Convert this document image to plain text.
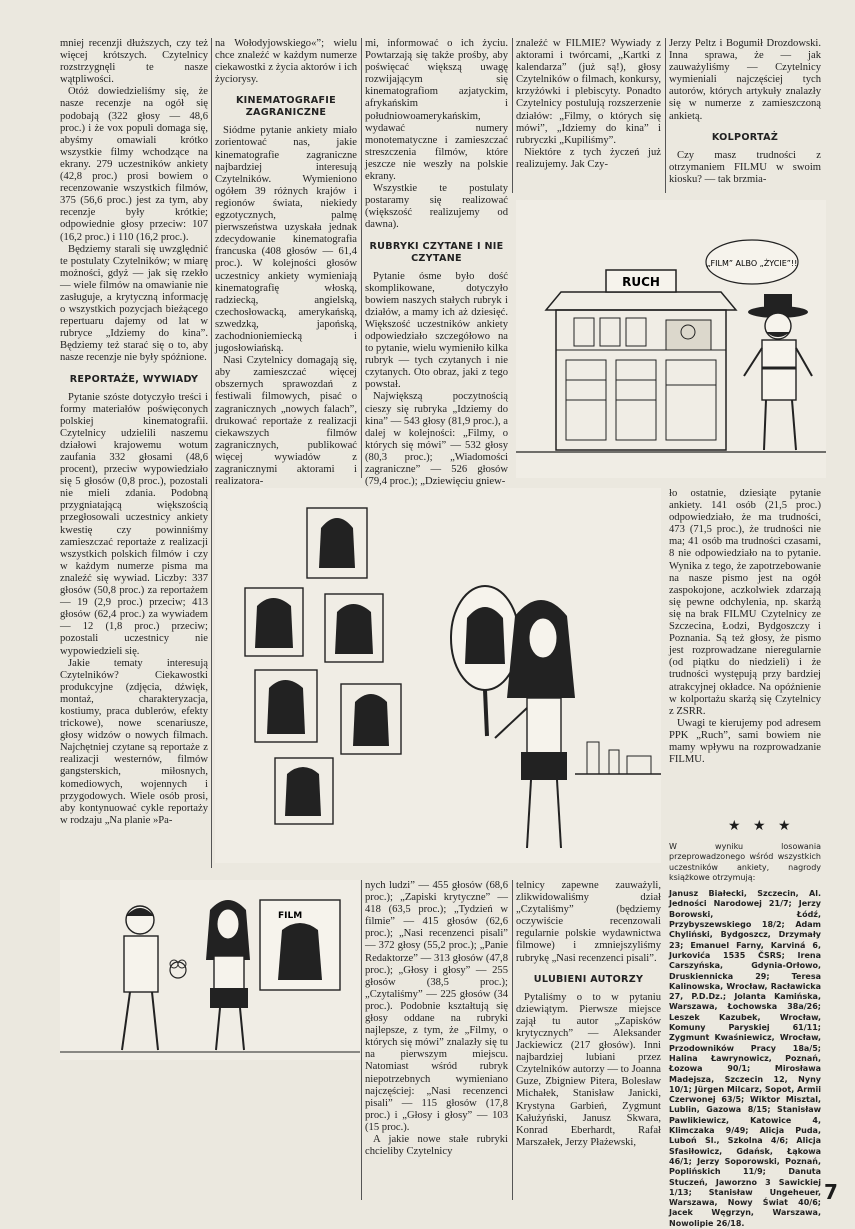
mniej recenzji dłuższych, czy też więcej krótszych. Czytelnicy rozstrzygnęli te nasze wątpliwości.

Otóż dowiedzieliśmy się, że nasze recenzje na ogół się podobają (322 głosy — 48,6 proc.) i że vox populi domaga się, abyśmy omawiali krótko wszystkie filmy wchodzące na ekrany. 279 uczestników ankiety (42,8 proc.) prosi bowiem o recenzowanie wszystkich filmów, 375 (56,6 proc.) jest za tym, aby recenzje były krótkie; odpowiednie głosy przeciw: 107 (16,2 proc.) i 110 (16,2 proc.).

Będziemy starali się uwzględnić te postulaty Czytelników; w miarę możności, gdyż — jak się rzekło — wiele filmów na omawianie nie zasługuje, a krytyczną informację o wszystkich pozycjach bieżącego repertuaru dajemy od lat w rubryce „Idziemy do kina”. Będziemy też starać się o to, aby nasze recenzje nie były spóźnione.

REPORTAŻE, WYWIADY

Pytanie szóste dotyczyło treści i formy materiałów poświęconych polskiej kinematografii. Czytelnicy udzielili naszemu działowi krajowemu wotum zaufania 332 głosami (48,6 procent), przeciw wypowiedziało się 5 głosów (0,8 proc.), pozostali nie mieli zdania. Podobną przygniatającą większością przegłosowali uczestnicy ankiety kwestię czy powinniśmy zamieszczać reportaże z realizacji wszystkich polskich filmów i czy w każdym numerze pisma ma znaleźć się wywiad. Liczby: 337 głosów (50,8 proc.) za reportażem — 19 (2,9 proc.) przeciw; 413 głosów (62,4 proc.) za wywiadem — 12 (1,8 proc.) przeciw; pozostali uczestnicy nie wypowiedzieli się.

Jakie tematy interesują Czytelników? Ciekawostki produkcyjne (zdjęcia, dźwięk, montaż, charakteryzacja, kostiumy, praca dublerów, efekty trickowe), nowe scenariusze, głosy widzów o nowych filmach. Najchętniej czytane są reportaże z realizacji westernów, filmów gangsterskich, miłosnych, komediowych, wojennych i przygodowych. Wiele osób prosi, aby kontynuować cykle reportaży w rodzaju „Na planie »Pa-

na Wołodyjowskiego«”; wielu chce znaleźć w każdym numerze ciekawostki z życia aktorów i ich życiorysy.

KINEMATOGRAFIE ZAGRANICZNE

Siódme pytanie ankiety miało zorientować nas, jakie kinematografie zagraniczne najbardziej interesują Czytelników. Wymieniono ogółem 39 różnych krajów i regionów świata, niekiedy egzotycznych, palmę pierwszeństwa uzyskała jednak zdecydowanie kinematografia francuska (408 głosów — 61,4 proc.). W kolejności głosów uczestnicy ankiety wymieniają kinematografię włoską, radziecką, angielską, czechosłowacką, amerykańską, szwedzką, japońską, zachodnioniemiecką i jugosłowiańską.

Nasi Czytelnicy domagają się, aby zamieszczać więcej obszernych sprawozdań z festiwali filmowych, pisać o zagranicznych „nowych falach”, drukować reportaże z realizacji ciekawszych filmów zagranicznych, publikować więcej wywiadów z zagranicznymi aktorami i realizatora-

mi, informować o ich życiu. Powtarzają się także prośby, aby poświęcać większą uwagę rozwijającym się kinematografiom azjatyckim, afrykańskim i południowoamerykańskim, wydawać numery monotematyczne i zamieszczać streszczenia filmów, które jeszcze nie weszły na polskie ekrany.

Wszystkie te postulaty postaramy się realizować (większość realizujemy od dawna).

RUBRYKI CZYTANE I NIE CZYTANE

Pytanie ósme było dość skomplikowane, dotyczyło bowiem naszych stałych rubryk i działów, a mamy ich aż dziesięć. Większość uczestników ankiety odpowiedziało szczegółowo na to pytanie, wielu wymieniło kilka rubryk — tych czytanych i nie czytanych. Oto obraz, jaki z tego powstał.

Największą poczytnością cieszy się rubryka „Idziemy do kina” — 543 głosy (81,9 proc.), a dalej w kolejności: „Filmy, o których się mówi” — 532 głosy (80,3 proc.); „Wiadomości zagraniczne” — 526 głosów (79,4 proc.); „Dziewięciu gniew-

znaleźć w FILMIE? Wywiady z aktorami i twórcami, „Kartki z kalendarza” (już są!), głosy Czytelników o filmach, konkursy, krzyżówki i plebiscyty. Ponadto Czytelnicy postulują rozszerzenie działów: „Filmy, o których się mówi”, „Idziemy do kina” i rubryczki „Kupiliśmy”.

Niektóre z tych życzeń już realizujemy. Jak Czy-

Jerzy Peltz i Bogumił Drozdowski. Inna sprawa, że — jak zauważyliśmy — Czytelnicy wymieniali najczęściej tych autorów, których artykuły znalazły się w numerze z zamieszczoną ankietą.

KOLPORTAŻ

Czy masz trudności z otrzymaniem FILMU w swoim kiosku? — tak brzmia-

RUCH
„FILM” ALBO „ŻYCIE”!!

ło ostatnie, dziesiąte pytanie ankiety. 141 osób (21,5 proc.) odpowiedziało, że ma trudności, 473 (71,5 proc.), że trudności nie ma; 41 osób ma trudności czasami, 8 nie odpowiedziało na to pytanie. Wynika z tego, że zapotrzebowanie na nasze pismo jest na ogół zaspokojone, aczkolwiek zdarzają się pewne odchylenia, np. skarżą się na brak FILMU Czytelnicy ze Szczecina, Łodzi, Bydgoszczy i Poznania. Są też głosy, że pismo jest rozprowadzane nieregularnie (od piątku do niedzieli) i że trudności występują przy bardziej atrakcyjnej okładce. Na opóźnienie w kolportażu skarżą się Czytelnicy z ZSRR.

Uwagi te kierujemy pod adresem PPK „Ruch”, sami bowiem nie mamy wpływu na rozprowadzanie FILMU.

★ ★ ★

W wyniku losowania przeprowadzonego wśród wszystkich uczestników ankiety, nagrody książkowe otrzymują:

Janusz Białecki, Szczecin, Al. Jedności Narodowej 21/7; Jerzy Borowski, Łódź, Przybyszewskiego 18/2; Adam Chyliński, Bydgoszcz, Drzymały 23; Emanuel Farny, Karviná 6, Jurkovića 1535 ČSRS; Irena Carszyńska, Gdynia-Orłowo, Druskiennicka 29; Teresa Kalinowska, Wrocław, Racławicka 27, P.D.Dz.; Jolanta Kamińska, Warszawa, Łochowska 38a/26; Leszek Kazubek, Wrocław, Komuny Paryskiej 61/11; Zygmunt Kwaśniewicz, Wrocław, Przodowników Pracy 18a/5; Halina Ławrynowicz, Poznań, Łozowa 90/1; Mirosława Madejsza, Szczecin 12, Nyny 10/1; Jürgen Milcarz, Sopot, Armii Czerwonej 63/5; Wiktor Misztal, Lublin, Gazowa 8/15; Stanisław Pawlikiewicz, Katowice 4, Klimczaka 9/49; Alicja Puda, Luboń Sl., Szkolna 4/6; Alicja Sfasiłowicz, Gdańsk, Łąkowa 46/1; Jerzy Soporowski, Poznań, Poplińskich 11/9; Danuta Stuczeń, Jaworzno 3 Sawickiej 1/13; Stanisław Ungeheuer, Warszawa, Nowy Świat 40/6; Jacek Węgrzyn, Warszawa, Nowolipie 26/18.

FILM

nych ludzi” — 455 głosów (68,6 proc.); „Zapiski krytyczne” — 418 (63,5 proc.); „Tydzień w filmie” — 415 głosów (62,6 proc.); „Nasi recenzenci pisali” — 372 głosy (55,2 proc.); „Panie Redaktorze” — 313 głosów (47,8 proc.); „Głosy i głosy” — 255 głosów (38,5 proc.); „Czytaliśmy” — 225 głosów (34 proc.). Podobnie kształtują się głosy oddane na rubryki najlepsze, z tym, że „Filmy, o których się mówi” znalazły się tu na pierwszym miejscu. Natomiast wśród rubryk niepotrzebnych wymieniano najczęściej: „Nasi recenzenci pisali” — 115 głosów (17,8 proc.) i „Głosy i głosy” — 103 (15 proc.).

A jakie nowe stałe rubryki chcieliby Czytelnicy

telnicy zapewne zauważyli, zlikwidowaliśmy dział „Czytaliśmy” (będziemy oczywiście recenzowali regularnie polskie wydawnictwa filmowe) i zmniejszyliśmy rubrykę „Nasi recenzenci pisali”.

ULUBIENI AUTORZY

Pytaliśmy o to w pytaniu dziewiątym. Pierwsze miejsce zajął tu autor „Zapisków krytycznych” — Aleksander Jackiewicz (217 głosów). Inni najbardziej lubiani przez Czytelników autorzy — to Joanna Guze, Zbigniew Pitera, Bolesław Michałek, Stanisław Janicki, Krystyna Garbień, Zygmunt Kałużyński, Janusz Skwara, Konrad Eberhardt, Rafał Marszałek, Jerzy Płażewski,

7
